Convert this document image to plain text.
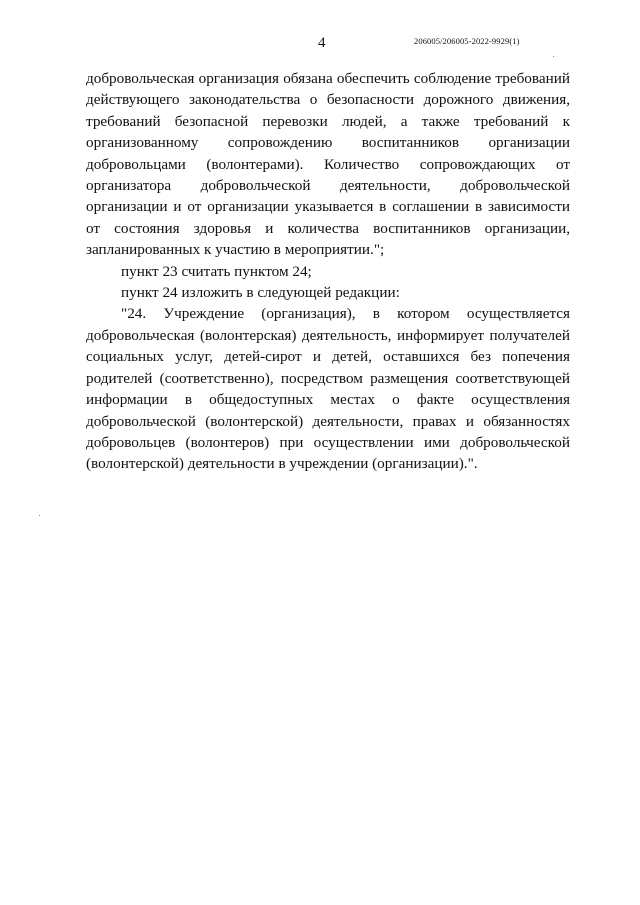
4	206005/206005-2022-9929(1)

добровольческая организация обязана обеспечить соблюдение требований действующего законодательства о безопасности дорожного движения, требований безопасной перевозки людей, а также требований к организованному сопровождению воспитанников организации добровольцами (волонтерами). Количество сопровождающих от организатора добровольческой деятельности, добровольческой организации и от организации указывается в соглашении в зависимости от состояния здоровья и количества воспитанников организации, запланированных к участию в мероприятии.";

пункт 23 считать пунктом 24;

пункт 24 изложить в следующей редакции:

"24. Учреждение (организация), в котором осуществляется добровольческая (волонтерская) деятельность, информирует получателей социальных услуг, детей-сирот и детей, оставшихся без попечения родителей (соответственно), посредством размещения соответствующей информации в общедоступных местах о факте осуществления добровольческой (волонтерской) деятельности, правах и обязанностях добровольцев (волонтеров) при осуществлении ими добровольческой (волонтерской) деятельности в учреждении (организации).".
